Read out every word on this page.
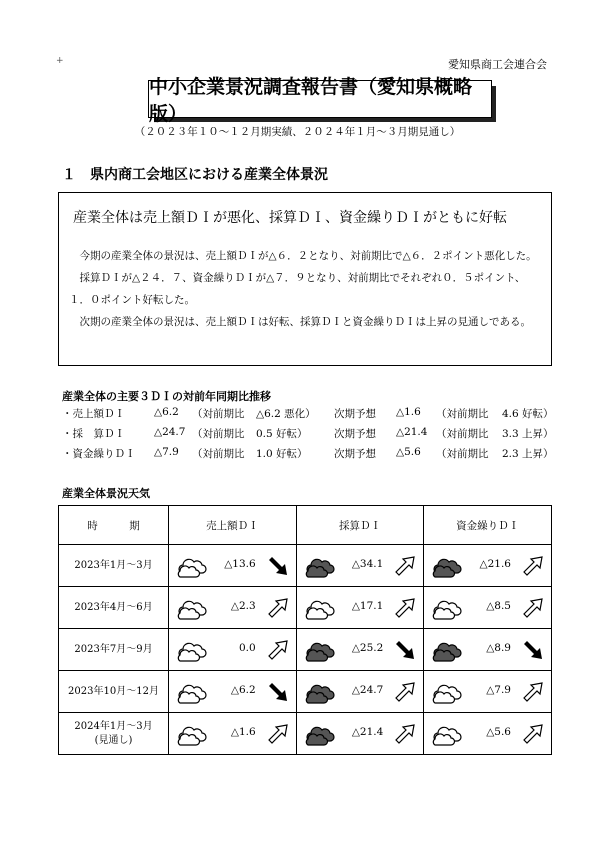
+	愛知県商工会連合会
中小企業景況調査報告書（愛知県概略版）
（２０２３年１０～１２月期実績、２０２４年１月～３月期見通し）
１　県内商工会地区における産業全体景況
産業全体は売上額ＤＩが悪化、採算ＤＩ、資金繰りＤＩがともに好転

今期の産業全体の景況は、売上額ＤＩが△６．２となり、対前期比で△６．２ポイント悪化した。

採算ＤＩが△２４．７、資金繰りＤＩが△７．９となり、対前期比でそれぞれ０．５ポイント、１．０ポイント好転した。

次期の産業全体の景況は、売上額ＤＩは好転、採算ＤＩと資金繰りＤＩは上昇の見通しである。

産業全体の主要３ＤＩの対前年同期比推移
・売上額ＤＩ	△6.2 （対前期比 △6.2 悪化） 次期予想 △1.6 （対前期比 4.6 好転）
・採　算ＤＩ	△24.7 （対前期比 0.5 好転）	次期予想 △21.4 （対前期比 3.3 上昇）
・資金繰りＤＩ △7.9 （対前期比 1.0 好転）	次期予想 △5.6 （対前期比 2.3 上昇）
産業全体景況天気
時　　　期	売上額ＤＩ	採算ＤＩ	資金繰りＤＩ

2023年1月～3月	△13.6	△34.1	△21.6

2023年4月～6月	△2.3	△17.1	△8.5

2023年7月～9月	0.0	△25.2	△8.9

2023年10月～12月	△6.2	△24.7	△7.9

2024年1月～3月
(見通し)	△1.6	△21.4	△5.6
